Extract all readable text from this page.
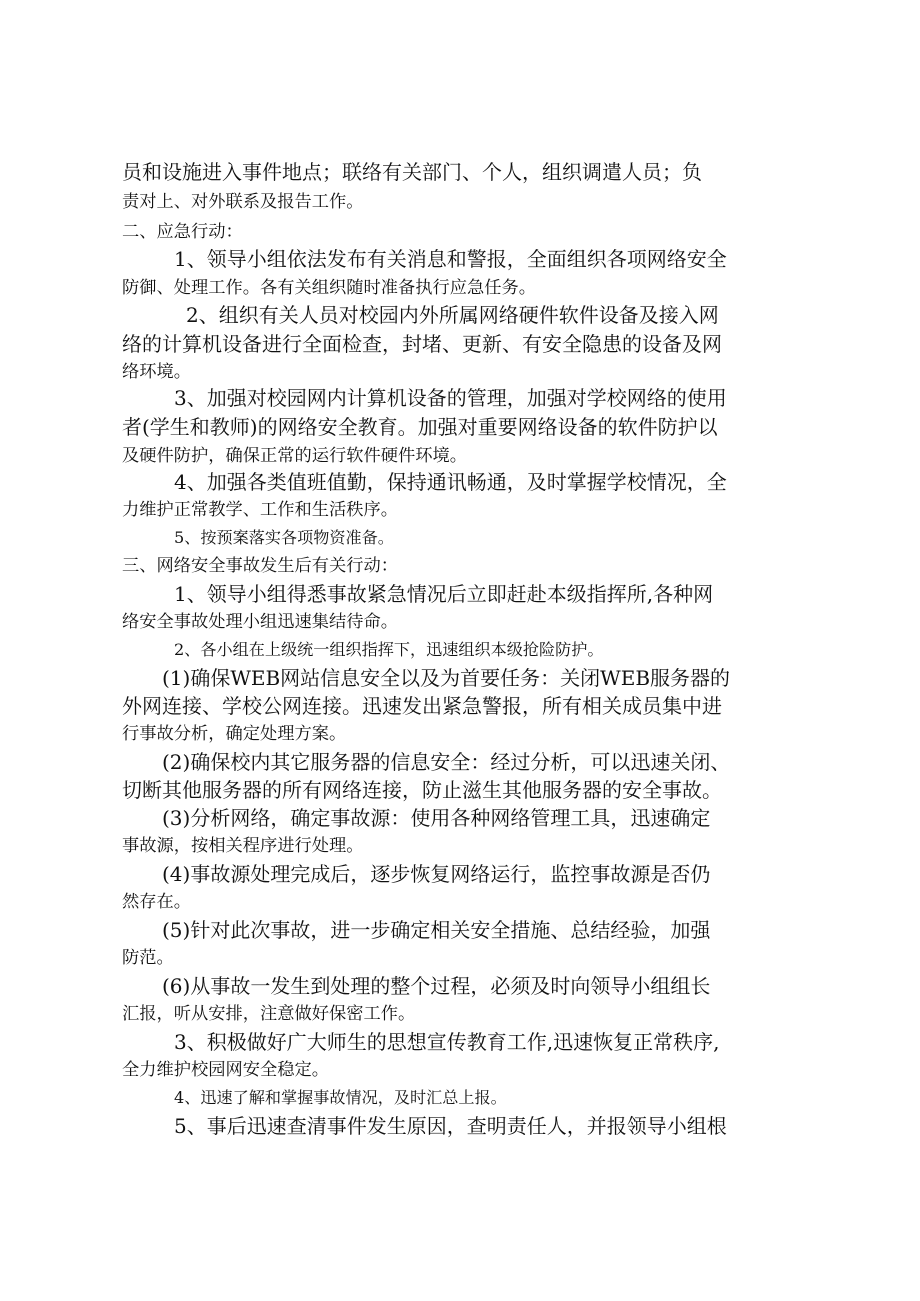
员和设施进入事件地点；联络有关部门、个人，组织调遣人员；负

责对上、对外联系及报告工作。

二、应急行动：

1、领导小组依法发布有关消息和警报，全面组织各项网络安全

防御、处理工作。各有关组织随时准备执行应急任务。

2、组织有关人员对校园内外所属网络硬件软件设备及接入网

络的计算机设备进行全面检查，封堵、更新、有安全隐患的设备及网

络环境。

3、加强对校园网内计算机设备的管理，加强对学校网络的使用

者(学生和教师)的网络安全教育。加强对重要网络设备的软件防护以

及硬件防护，确保正常的运行软件硬件环境。

4、加强各类值班值勤，保持通讯畅通，及时掌握学校情况，全

力维护正常教学、工作和生活秩序。

5、按预案落实各项物资准备。

三、网络安全事故发生后有关行动：

1、领导小组得悉事故紧急情况后立即赶赴本级指挥所,各种网

络安全事故处理小组迅速集结待命。

2、各小组在上级统一组织指挥下，迅速组织本级抢险防护。

(1)确保WEB网站信息安全以及为首要任务：关闭WEB服务器的

外网连接、学校公网连接。迅速发出紧急警报，所有相关成员集中进

行事故分析，确定处理方案。

(2)确保校内其它服务器的信息安全：经过分析，可以迅速关闭、

切断其他服务器的所有网络连接，防止滋生其他服务器的安全事故。

(3)分析网络，确定事故源：使用各种网络管理工具，迅速确定

事故源，按相关程序进行处理。

(4)事故源处理完成后，逐步恢复网络运行，监控事故源是否仍

然存在。

(5)针对此次事故，进一步确定相关安全措施、总结经验，加强

防范。

(6)从事故一发生到处理的整个过程，必须及时向领导小组组长

汇报，听从安排，注意做好保密工作。

3、积极做好广大师生的思想宣传教育工作,迅速恢复正常秩序,

全力维护校园网安全稳定。

4、迅速了解和掌握事故情况，及时汇总上报。

5、事后迅速查清事件发生原因，查明责任人，并报领导小组根
